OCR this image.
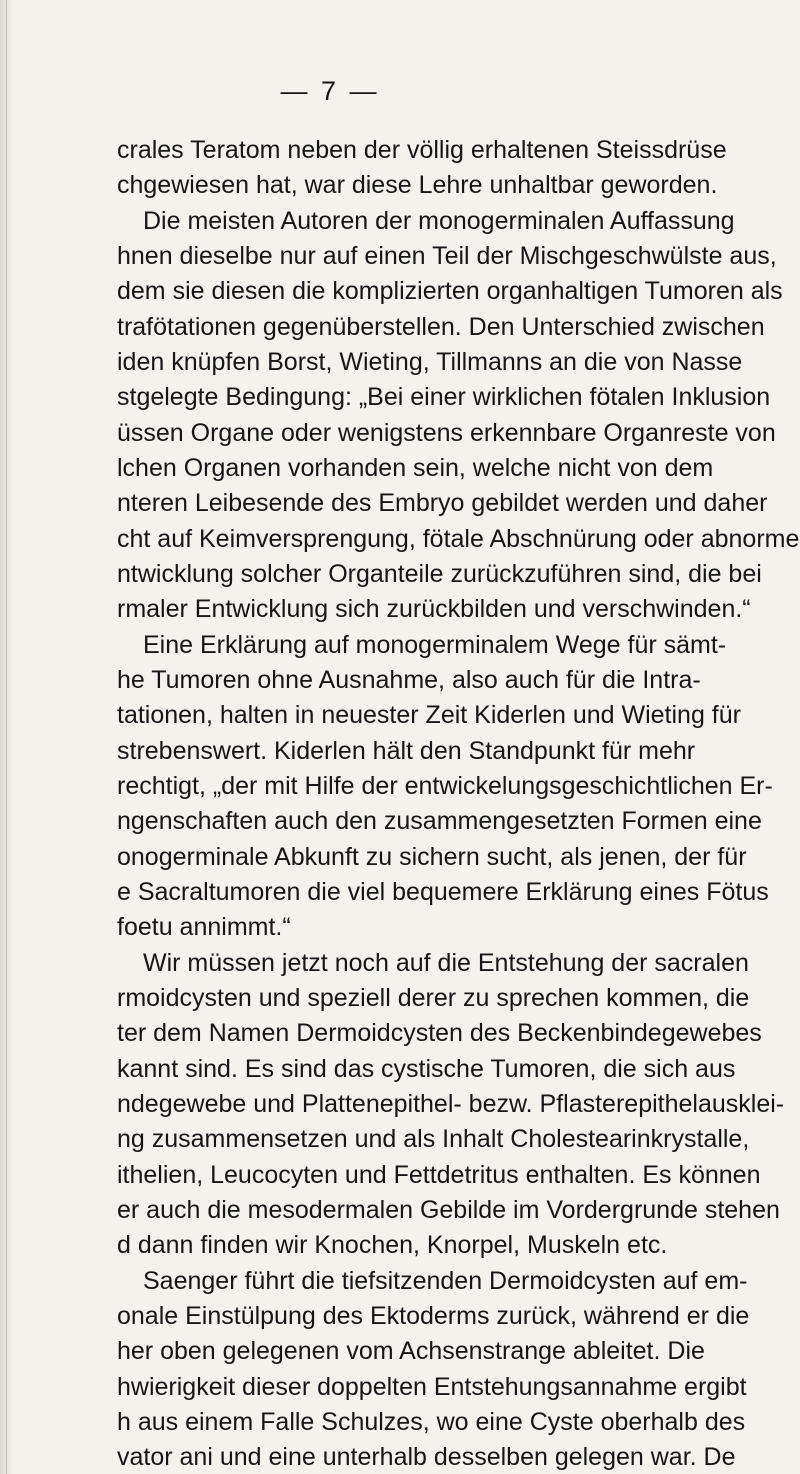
— 7 —
crales Teratom neben der völlig erhaltenen Steissdrüse
chgewiesen hat, war diese Lehre unhaltbar geworden.
Die meisten Autoren der monogerminalen Auffassung
hnen dieselbe nur auf einen Teil der Mischgeschwülste aus,
dem sie diesen die komplizierten organhaltigen Tumoren als
trafötationen gegenüberstellen. Den Unterschied zwischen
iden knüpfen Borst, Wieting, Tillmanns an die von Nasse
stgelegte Bedingung: „Bei einer wirklichen fötalen Inklusion
üssen Organe oder wenigstens erkennbare Organreste von
lchen Organen vorhanden sein, welche nicht von dem
nteren Leibesende des Embryo gebildet werden und daher
cht auf Keimversprengung, fötale Abschnürung oder abnorme
ntwicklung solcher Organteile zurückzuführen sind, die bei
rmaler Entwicklung sich zurückbilden und verschwinden.“
Eine Erklärung auf monogerminalem Wege für sämt-
he Tumoren ohne Ausnahme, also auch für die Intra-
tationen, halten in neuester Zeit Kiderlen und Wieting für
strebenswert. Kiderlen hält den Standpunkt für mehr
rechtigt, „der mit Hilfe der entwickelungsgeschichtlichen Er-
ngenschaften auch den zusammengesetzten Formen eine
onogerminale Abkunft zu sichern sucht, als jenen, der für
e Sacraltumoren die viel bequemere Erklärung eines Fötus
foetu annimmt.“
Wir müssen jetzt noch auf die Entstehung der sacralen
rmoidcysten und speziell derer zu sprechen kommen, die
ter dem Namen Dermoidcysten des Beckenbindegewebes
kannt sind. Es sind das cystische Tumoren, die sich aus
ndegewebe und Plattenepithel- bezw. Pflasterepithelausklei-
ng zusammensetzen und als Inhalt Cholestearinkrystalle,
ithelien, Leucocyten und Fettdetritus enthalten. Es können
er auch die mesodermalen Gebilde im Vordergrunde stehen
d dann finden wir Knochen, Knorpel, Muskeln etc.
Saenger führt die tiefsitzenden Dermoidcysten auf em-
onale Einstülpung des Ektoderms zurück, während er die
her oben gelegenen vom Achsenstrange ableitet. Die
hwierigkeit dieser doppelten Entstehungsannahme ergibt
h aus einem Falle Schulzes, wo eine Cyste oberhalb des
vator ani und eine unterhalb desselben gelegen war. De
